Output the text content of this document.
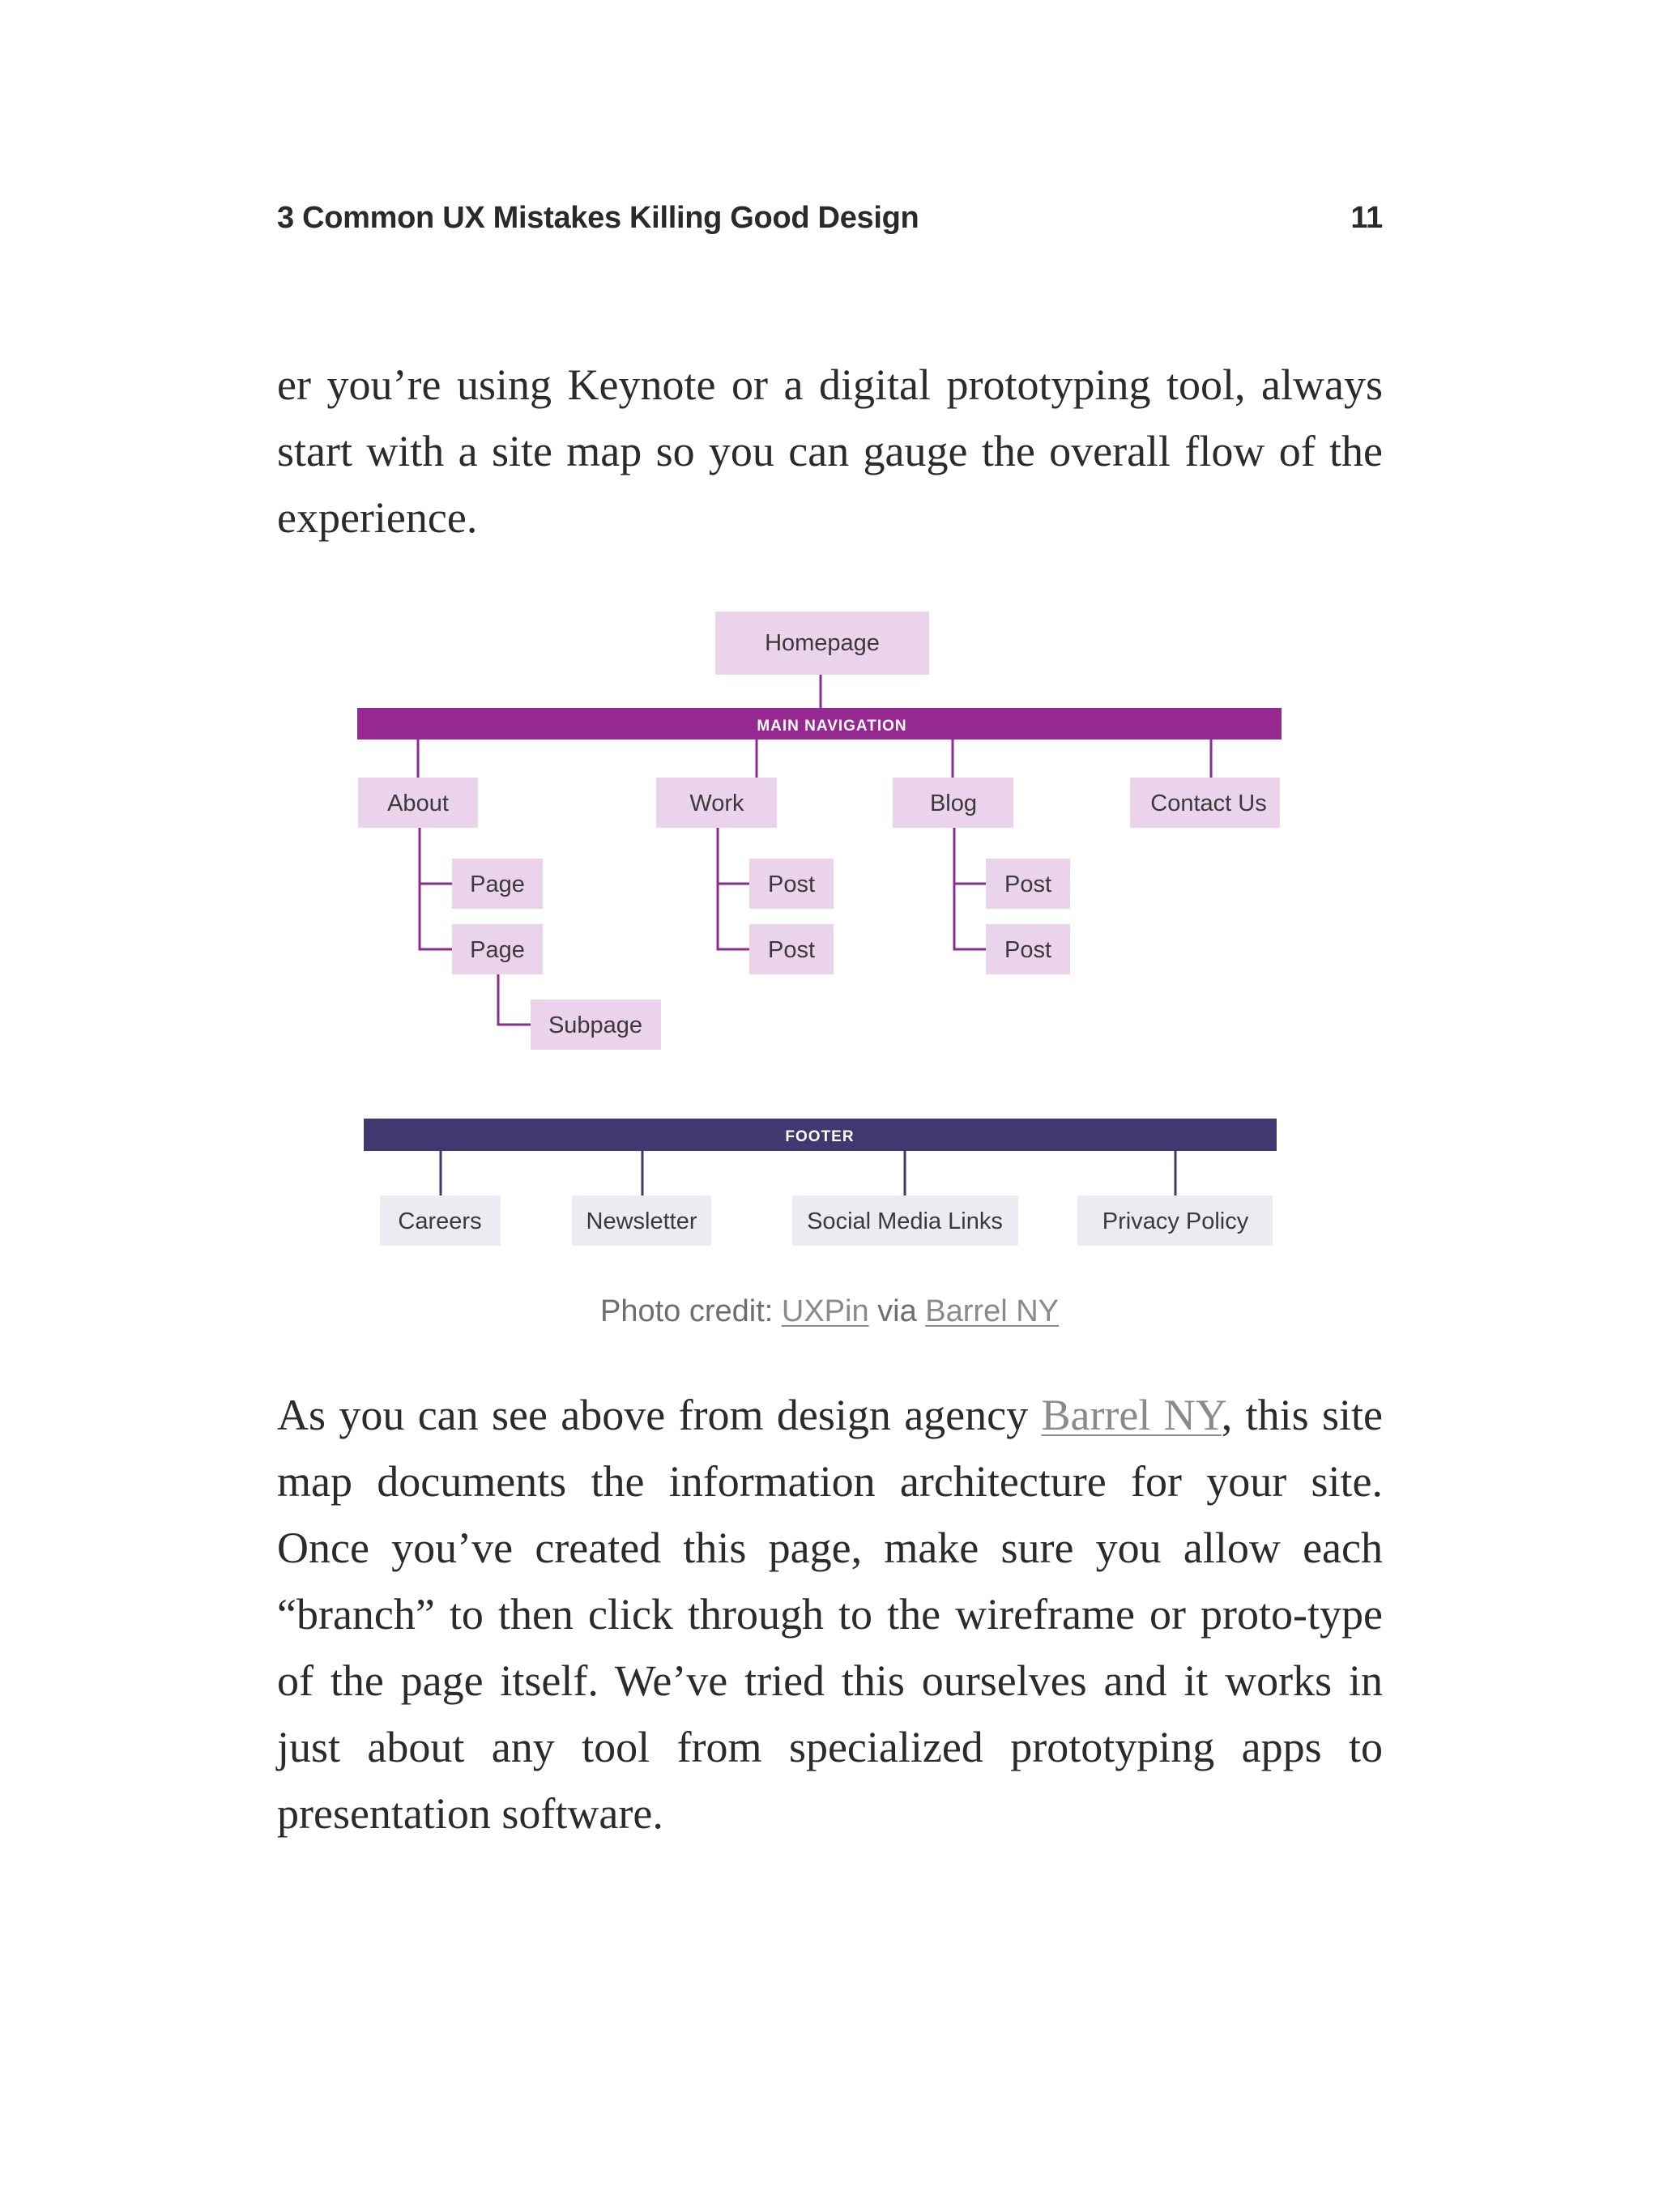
3 Common UX Mistakes Killing Good Design	11

er you’re using Keynote or a digital prototyping tool, always start with a site map so you can gauge the overall flow of the experience.

Homepage
MAIN NAVIGATION
About	Work	Blog	Contact Us
Page
Page
Subpage
Post
Post
Post
Post
FOOTER
Careers	Newsletter	Social Media Links	Privacy Policy
Photo credit: UXPin via Barrel NY

As you can see above from design agency Barrel NY, this site map documents the information architecture for your site. Once you’ve created this page, make sure you allow each “branch” to then click through to the wireframe or proto-type of the page itself. We’ve tried this ourselves and it works in just about any tool from specialized prototyping apps to presentation software.
